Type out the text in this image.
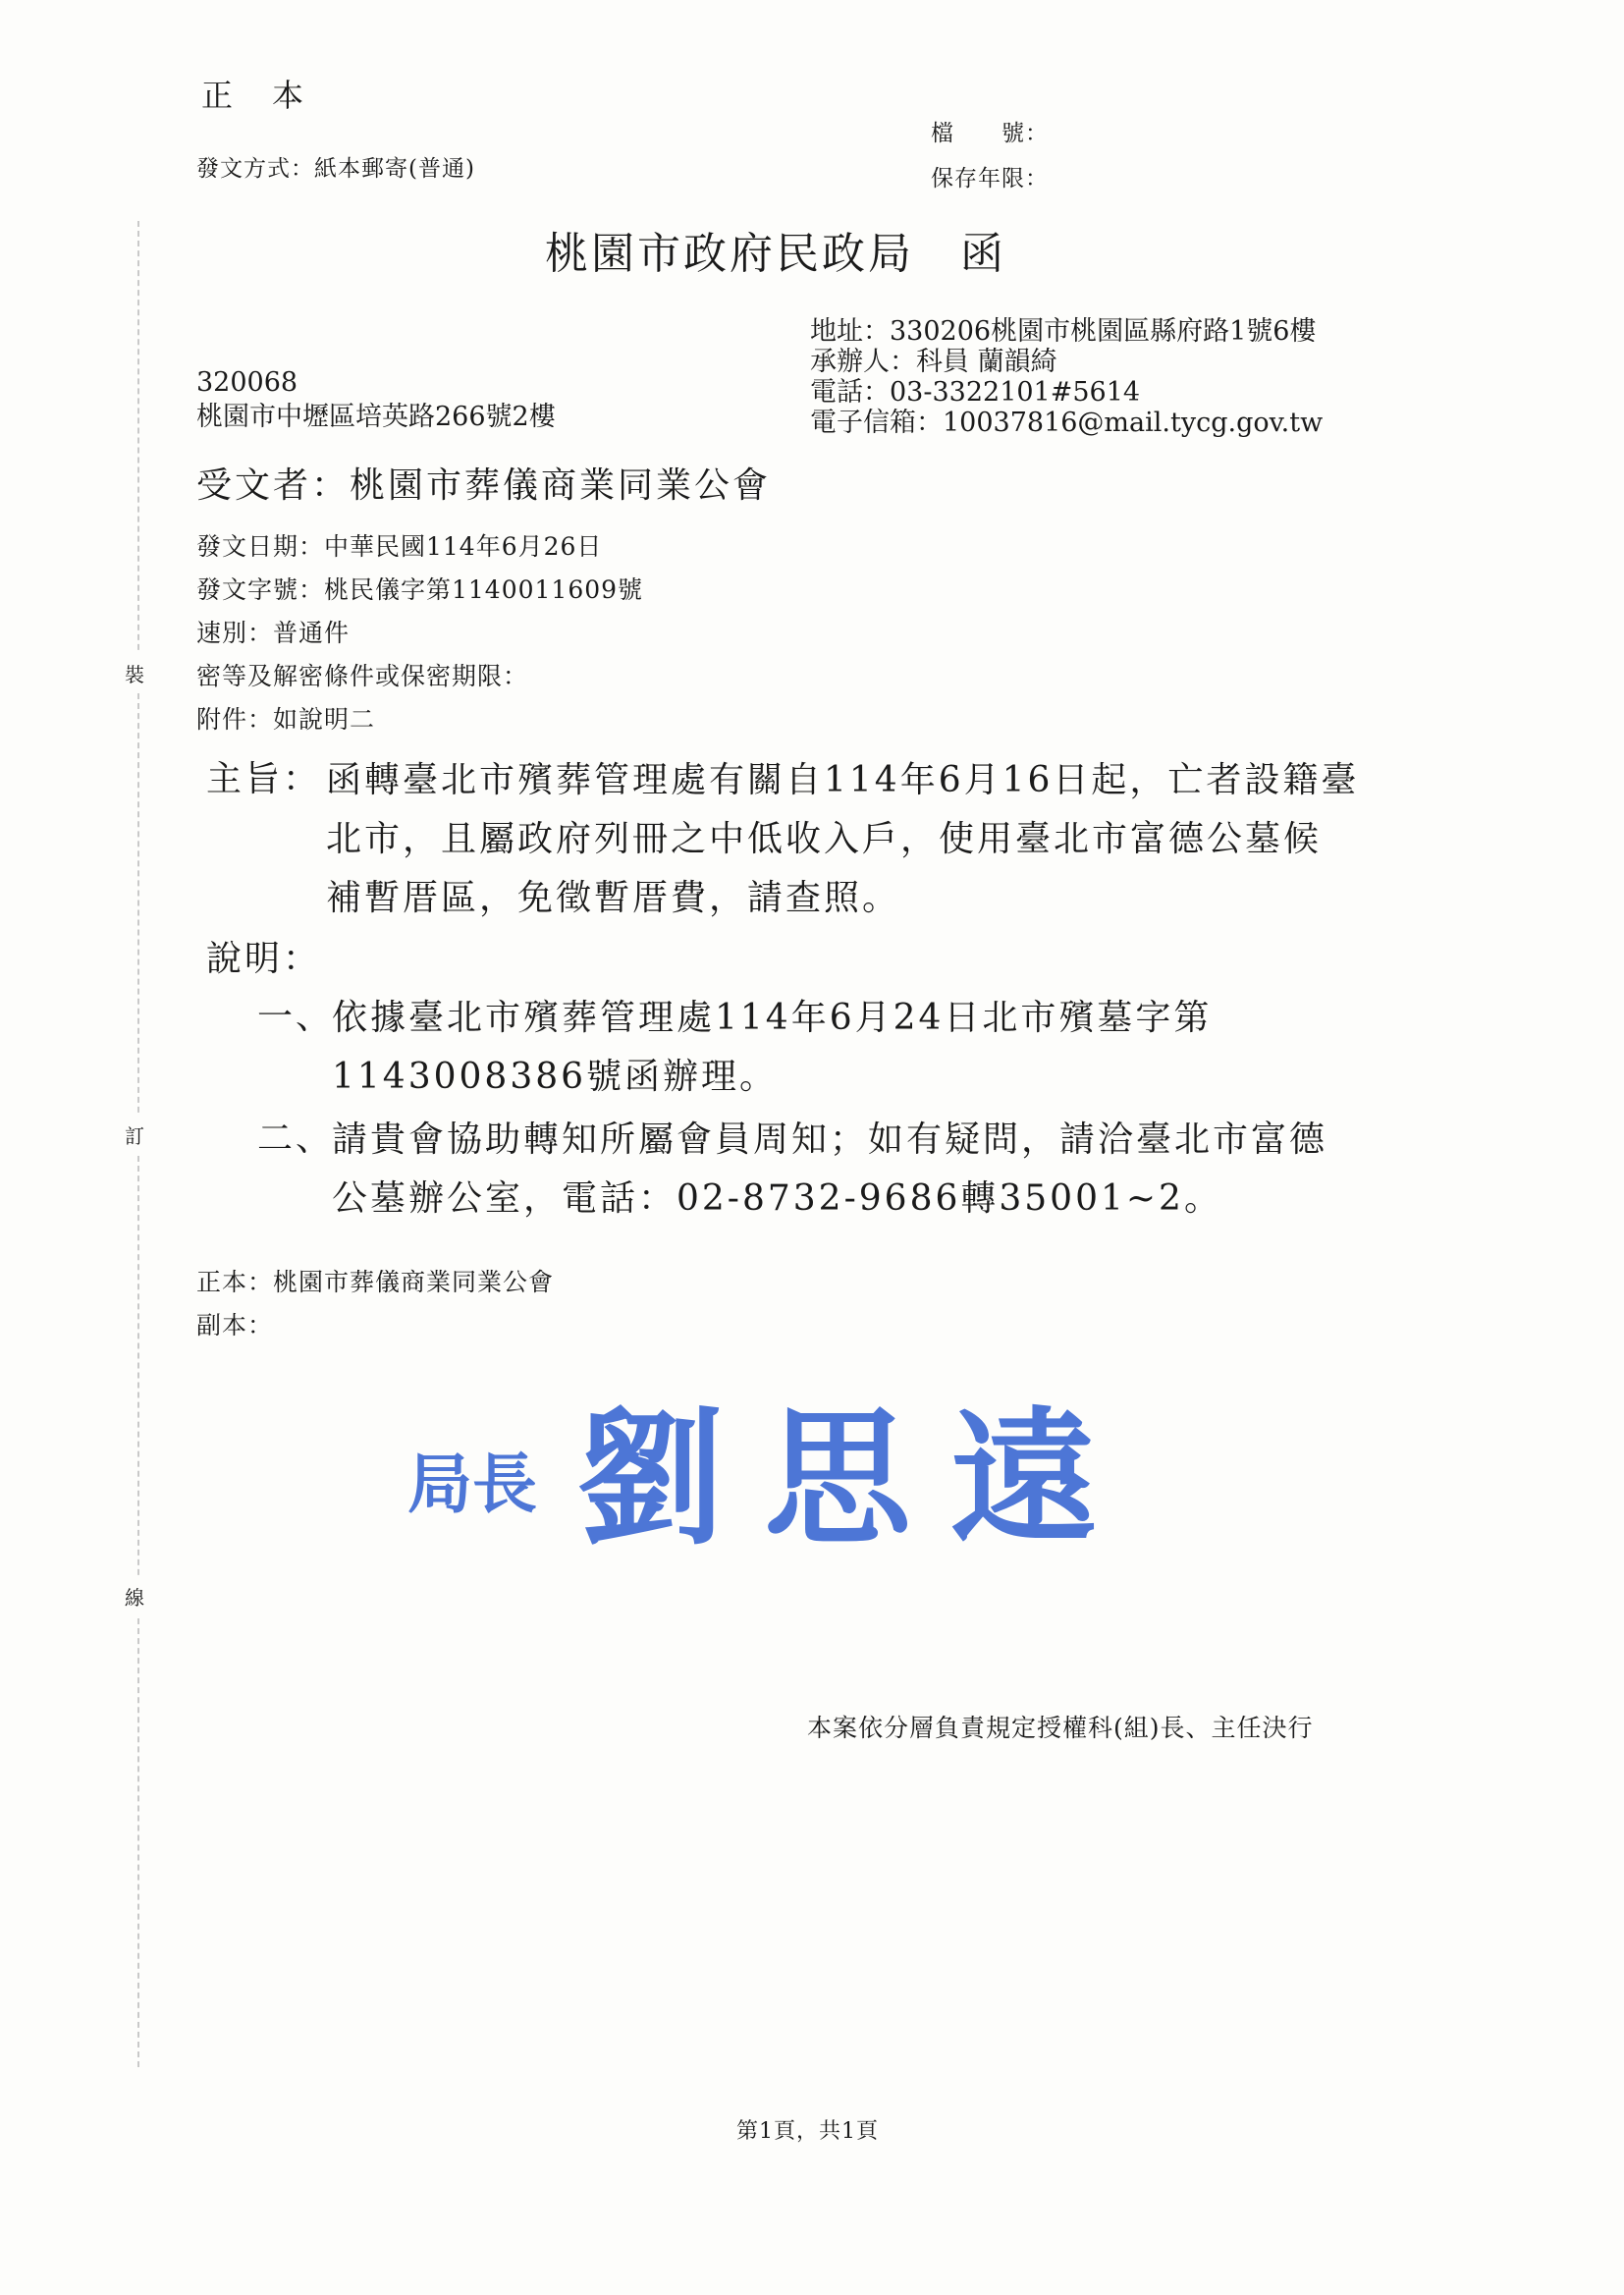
正　本
發文方式：紙本郵寄(普通)
檔　　號：
保存年限：
裝
訂
線
桃園市政府民政局　函
地址：330206桃園市桃園區縣府路1號6樓
承辦人：科員 蘭韻綺
電話：03-3322101#5614
電子信箱：10037816@mail.tycg.gov.tw
320068
桃園市中壢區培英路266號2樓
受文者：桃園市葬儀商業同業公會
發文日期：中華民國114年6月26日
發文字號：桃民儀字第1140011609號
速別：普通件
密等及解密條件或保密期限：
附件：如說明二
主旨： 函轉臺北市殯葬管理處有關自114年6月16日起，亡者設籍臺
北市，且屬政府列冊之中低收入戶，使用臺北市富德公墓候
補暫厝區，免徵暫厝費，請查照。
說明：
一、
依據臺北市殯葬管理處114年6月24日北市殯墓字第
1143008386號函辦理。
二、
請貴會協助轉知所屬會員周知；如有疑問，請洽臺北市富德
公墓辦公室，電話：02-8732-9686轉35001~2。
正本：桃園市葬儀商業同業公會
副本：
局長 劉思遠
本案依分層負責規定授權科(組)長、主任決行
第1頁，共1頁
